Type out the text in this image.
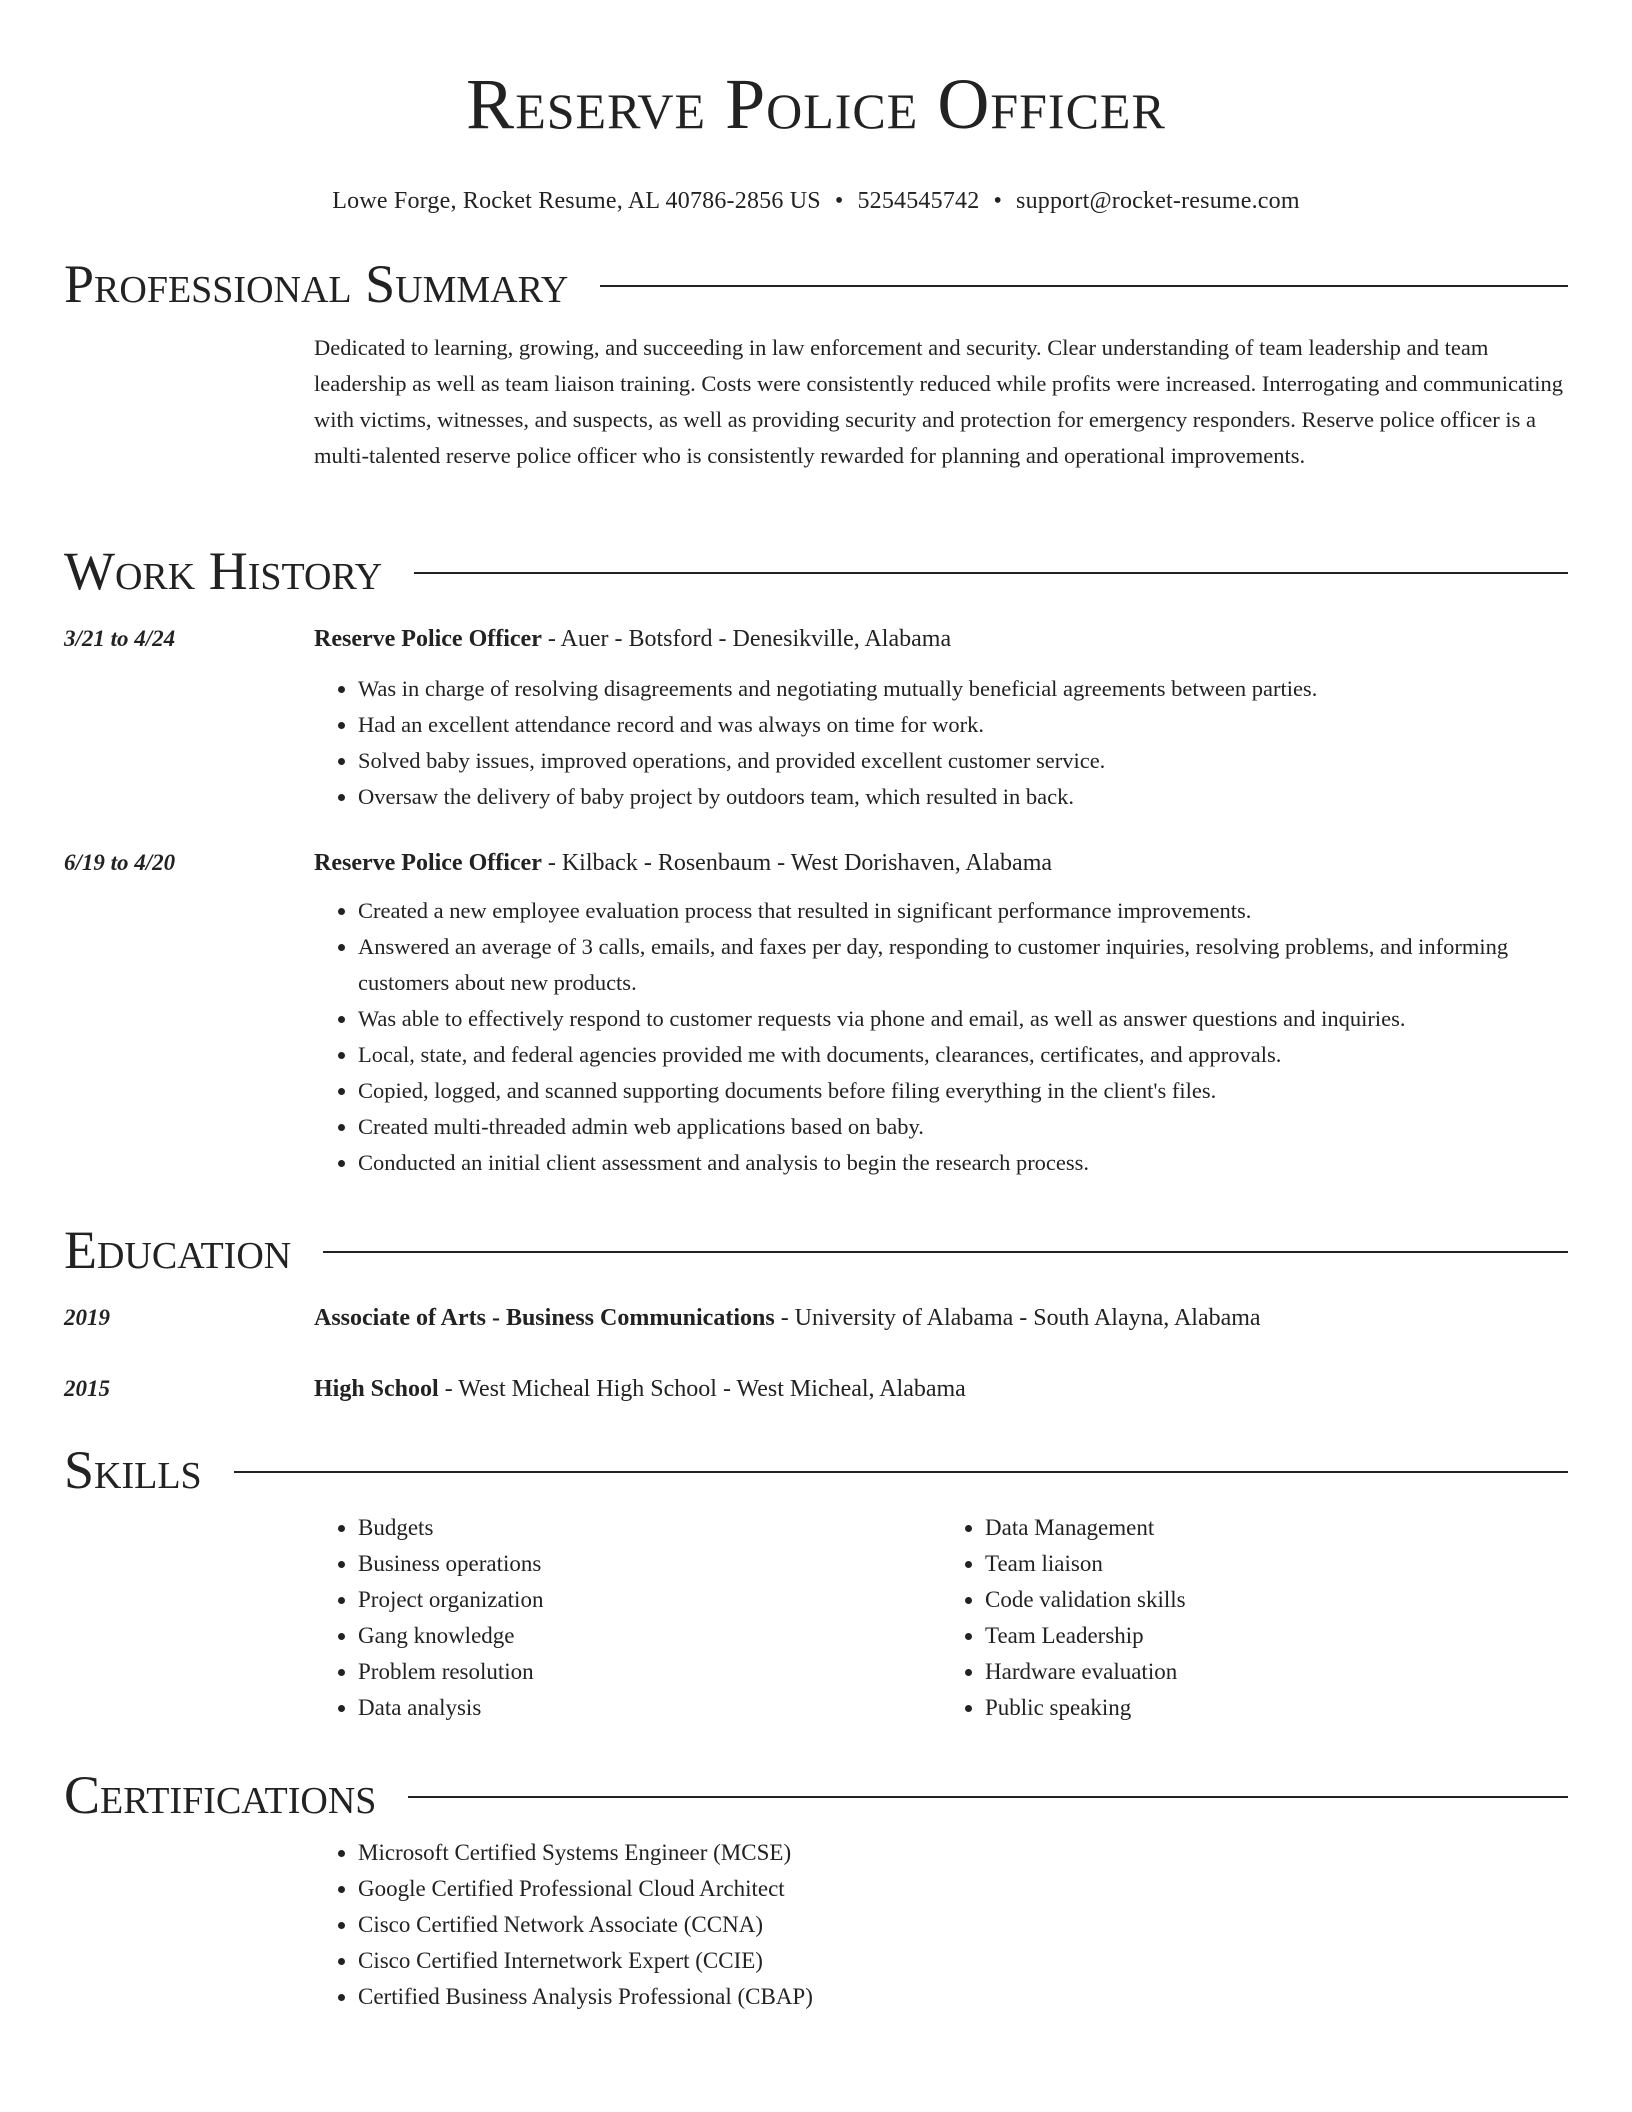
Reserve Police Officer
Lowe Forge, Rocket Resume, AL 40786-2856 US • 5254545742 • support@rocket-resume.com
Professional Summary
Dedicated to learning, growing, and succeeding in law enforcement and security. Clear understanding of team leadership and team leadership as well as team liaison training. Costs were consistently reduced while profits were increased. Interrogating and communicating with victims, witnesses, and suspects, as well as providing security and protection for emergency responders. Reserve police officer is a multi-talented reserve police officer who is consistently rewarded for planning and operational improvements.
Work History
3/21 to 4/24	Reserve Police Officer - Auer - Botsford - Denesikville, Alabama
• Was in charge of resolving disagreements and negotiating mutually beneficial agreements between parties.
• Had an excellent attendance record and was always on time for work.
• Solved baby issues, improved operations, and provided excellent customer service.
• Oversaw the delivery of baby project by outdoors team, which resulted in back.
6/19 to 4/20	Reserve Police Officer - Kilback - Rosenbaum - West Dorishaven, Alabama
• Created a new employee evaluation process that resulted in significant performance improvements.
• Answered an average of 3 calls, emails, and faxes per day, responding to customer inquiries, resolving problems, and informing customers about new products.
• Was able to effectively respond to customer requests via phone and email, as well as answer questions and inquiries.
• Local, state, and federal agencies provided me with documents, clearances, certificates, and approvals.
• Copied, logged, and scanned supporting documents before filing everything in the client's files.
• Created multi-threaded admin web applications based on baby.
• Conducted an initial client assessment and analysis to begin the research process.
Education
2019	Associate of Arts - Business Communications - University of Alabama - South Alayna, Alabama
2015	High School - West Micheal High School - West Micheal, Alabama
Skills
• Budgets
• Business operations
• Project organization
• Gang knowledge
• Problem resolution
• Data analysis
• Data Management
• Team liaison
• Code validation skills
• Team Leadership
• Hardware evaluation
• Public speaking
Certifications
• Microsoft Certified Systems Engineer (MCSE)
• Google Certified Professional Cloud Architect
• Cisco Certified Network Associate (CCNA)
• Cisco Certified Internetwork Expert (CCIE)
• Certified Business Analysis Professional (CBAP)
